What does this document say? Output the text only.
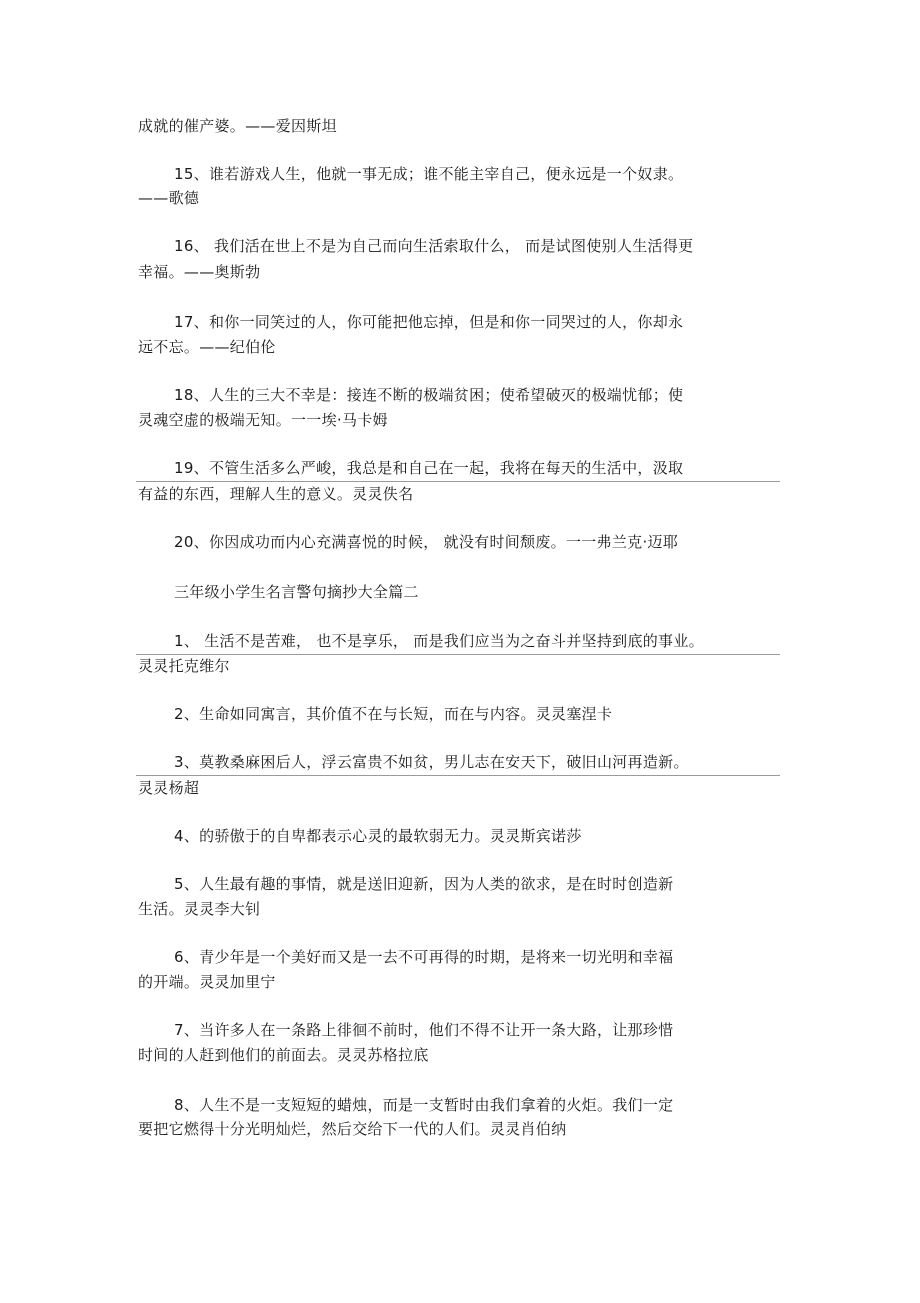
成就的催产婆。——爱因斯坦
15、谁若游戏人生，他就一事无成；谁不能主宰自己，便永远是一个奴隶。
——歌德
16、 我们活在世上不是为自己而向生活索取什么， 而是试图使别人生活得更
幸福。——奥斯勃
17、和你一同笑过的人，你可能把他忘掉，但是和你一同哭过的人，你却永
远不忘。——纪伯伦
18、人生的三大不幸是：接连不断的极端贫困；使希望破灭的极端忧郁；使
灵魂空虚的极端无知。一一埃·马卡姆
19、不管生活多么严峻，我总是和自己在一起，我将在每天的生活中，汲取
有益的东西，理解人生的意义。灵灵佚名
20、你因成功而内心充满喜悦的时候， 就没有时间颓废。一一弗兰克·迈耶
三年级小学生名言警句摘抄大全篇二
1、 生活不是苦难， 也不是享乐， 而是我们应当为之奋斗并坚持到底的事业。
灵灵托克维尔
2、生命如同寓言，其价值不在与长短，而在与内容。灵灵塞涅卡
3、莫教桑麻困后人，浮云富贵不如贫，男儿志在安天下，破旧山河再造新。
灵灵杨超
4、的骄傲于的自卑都表示心灵的最软弱无力。灵灵斯宾诺莎
5、人生最有趣的事情，就是送旧迎新，因为人类的欲求，是在时时创造新
生活。灵灵李大钊
6、青少年是一个美好而又是一去不可再得的时期，是将来一切光明和幸福
的开端。灵灵加里宁
7、当许多人在一条路上徘徊不前时，他们不得不让开一条大路，让那珍惜
时间的人赶到他们的前面去。灵灵苏格拉底
8、人生不是一支短短的蜡烛，而是一支暂时由我们拿着的火炬。我们一定
要把它燃得十分光明灿烂，然后交给下一代的人们。灵灵肖伯纳
